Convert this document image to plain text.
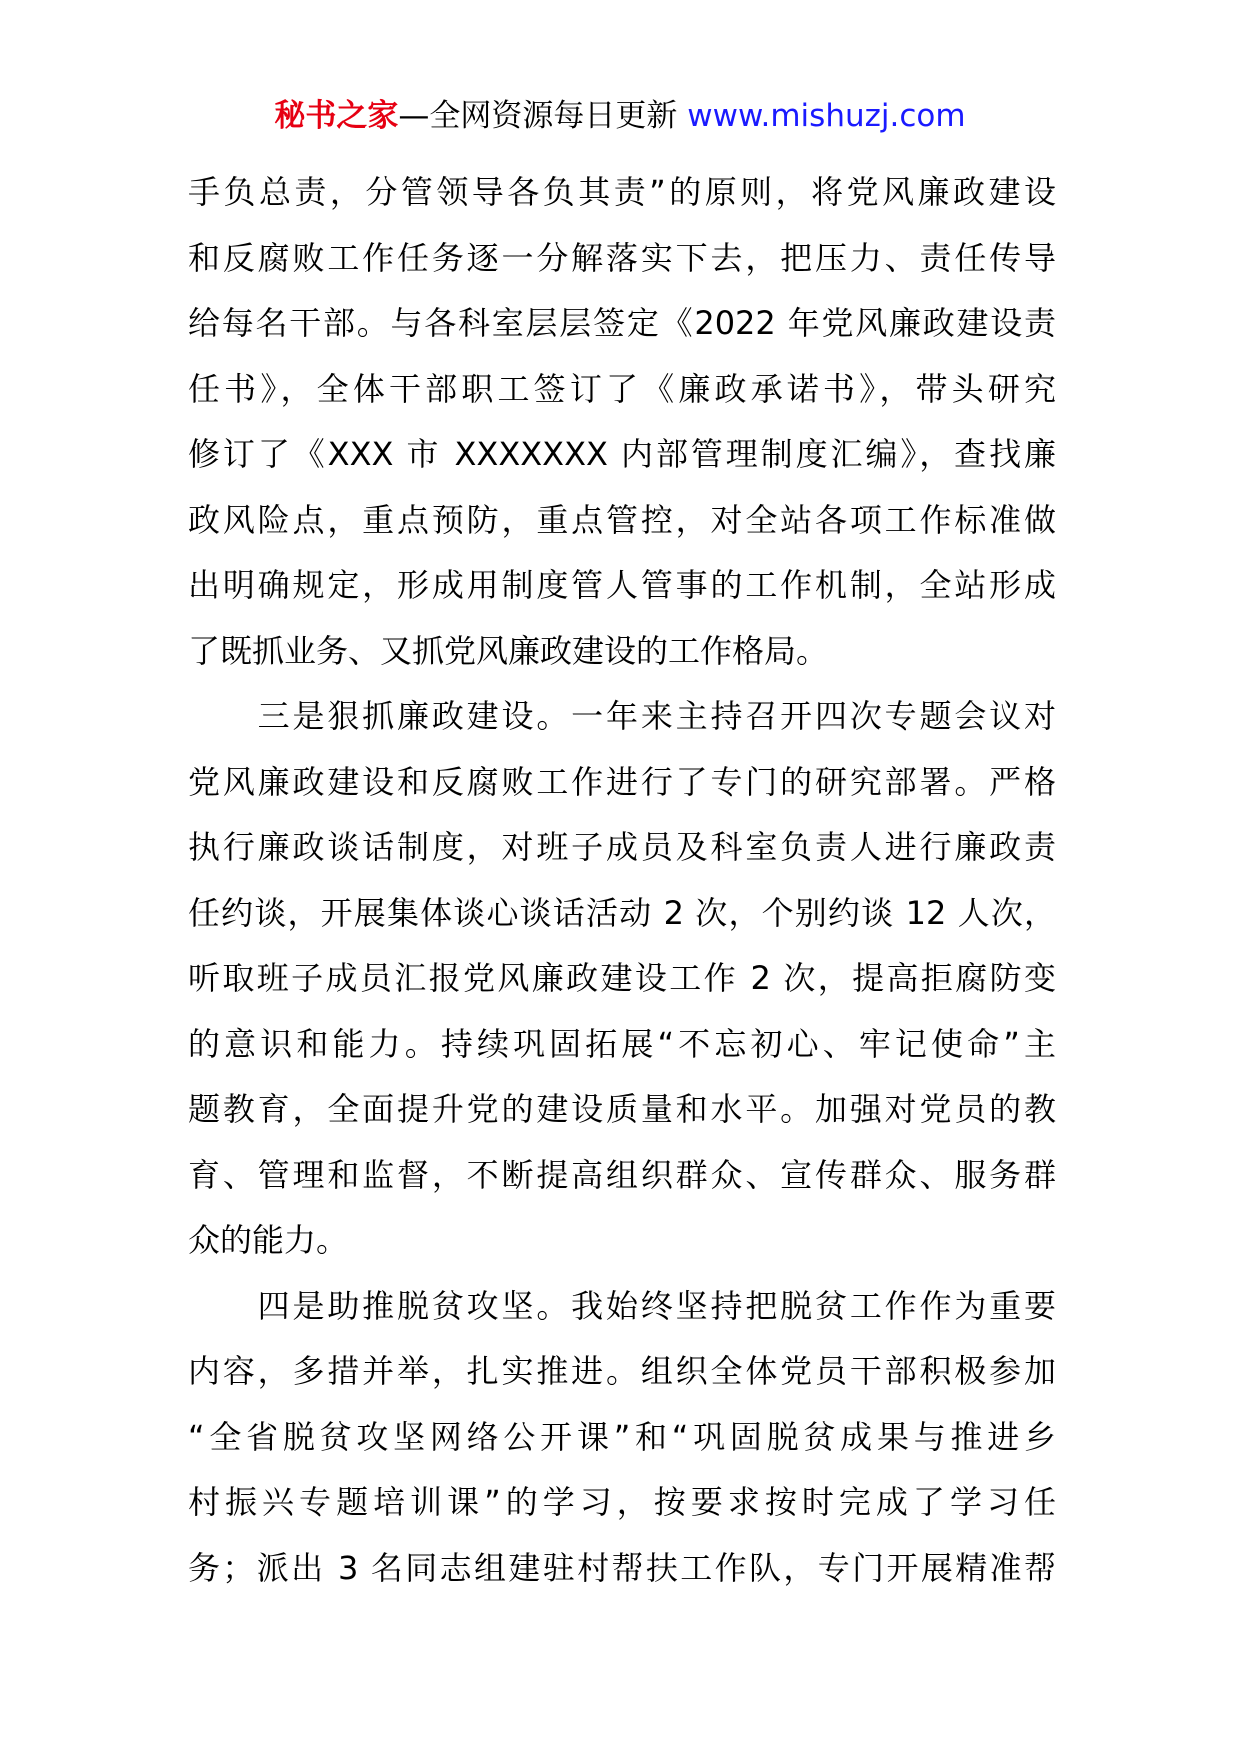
秘书之家—全网资源每日更新 www.mishuzj.com
手负总责，分管领导各负其责”的原则，将党风廉政建设
和反腐败工作任务逐一分解落实下去，把压力、责任传导
给每名干部。与各科室层层签定《2022 年党风廉政建设责
任书》，全体干部职工签订了《廉政承诺书》，带头研究
修订了《XXX 市 XXXXXXX 内部管理制度汇编》，查找廉
政风险点，重点预防，重点管控，对全站各项工作标准做
出明确规定，形成用制度管人管事的工作机制，全站形成
了既抓业务、又抓党风廉政建设的工作格局。
　　三是狠抓廉政建设。一年来主持召开四次专题会议对
党风廉政建设和反腐败工作进行了专门的研究部署。严格
执行廉政谈话制度，对班子成员及科室负责人进行廉政责
任约谈，开展集体谈心谈话活动 2 次，个别约谈 12 人次，
听取班子成员汇报党风廉政建设工作 2 次，提高拒腐防变
的意识和能力。持续巩固拓展“不忘初心、牢记使命”主
题教育，全面提升党的建设质量和水平。加强对党员的教
育、管理和监督，不断提高组织群众、宣传群众、服务群
众的能力。
　　四是助推脱贫攻坚。我始终坚持把脱贫工作作为重要
内容，多措并举，扎实推进。组织全体党员干部积极参加
“全省脱贫攻坚网络公开课”和“巩固脱贫成果与推进乡
村振兴专题培训课”的学习，按要求按时完成了学习任
务；派出 3 名同志组建驻村帮扶工作队，专门开展精准帮
